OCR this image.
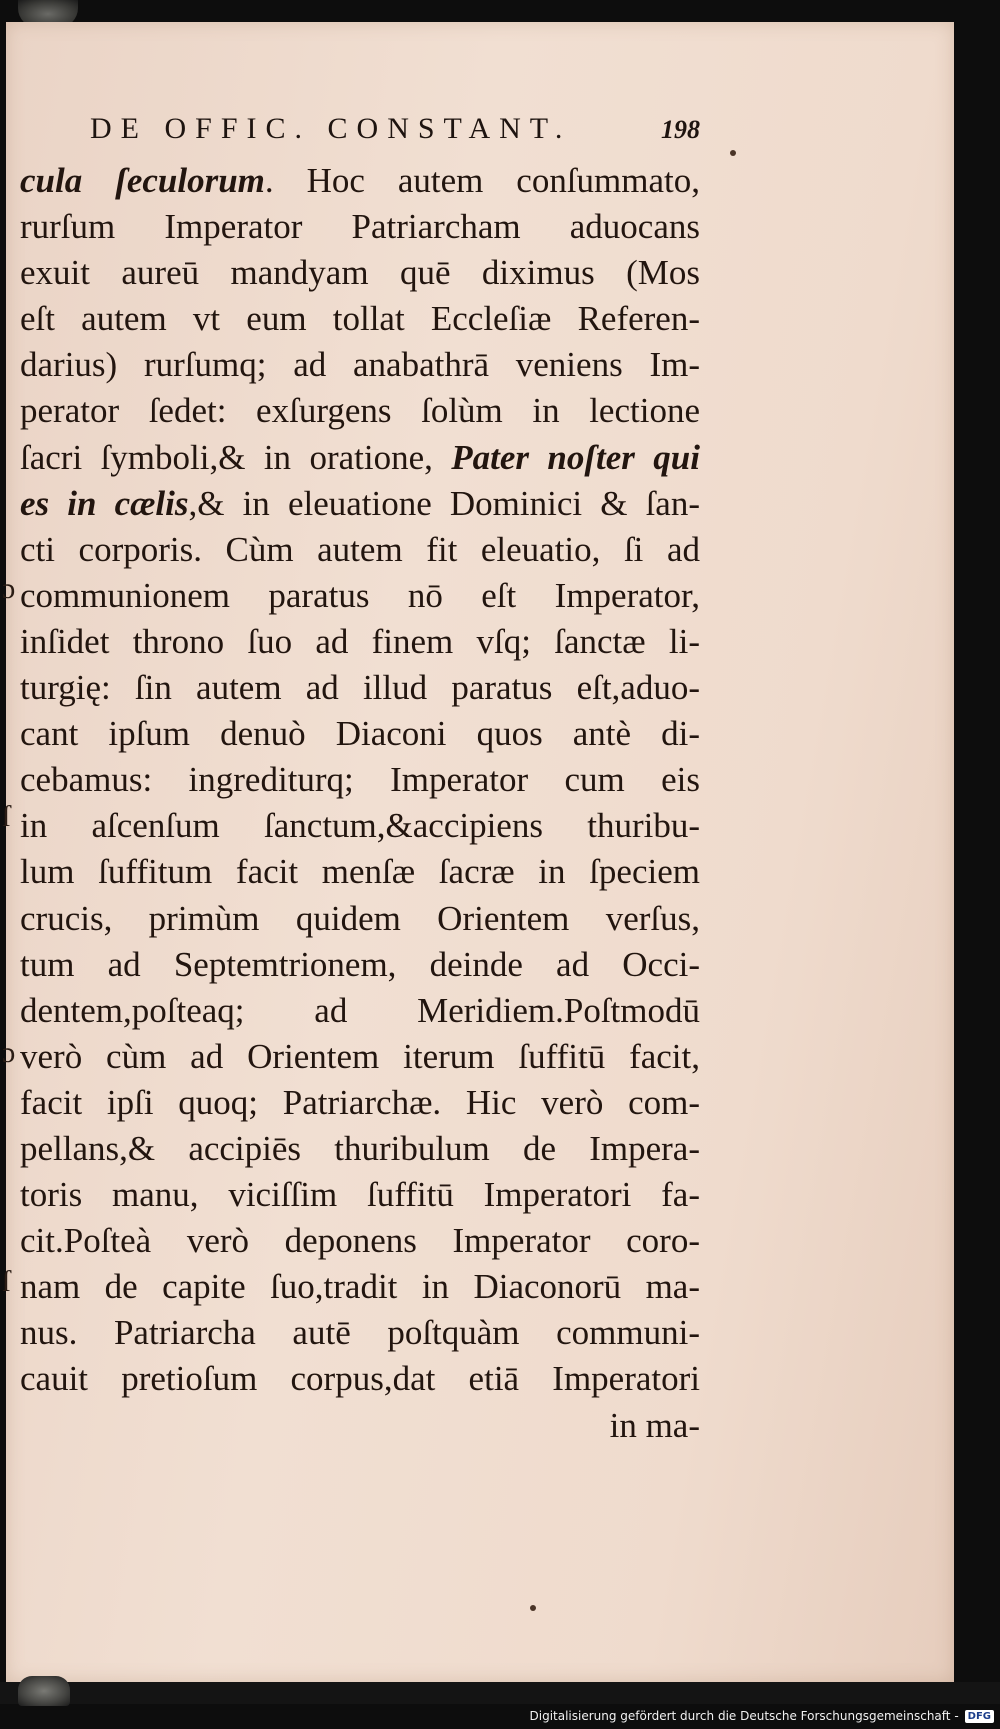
DE OFFIC. CONSTANT.	198
cula ſeculorum. Hoc autem conſummato,
rurſum Imperator Patriarcham aduocans
exuit aureū mandyam quē diximus (Mos
eſt autem vt eum tollat Eccleſiæ Referen-
darius) rurſumq; ad anabathrā veniens Im-
perator ſedet: exſurgens ſolùm in lectione
ſacri ſymboli,& in oratione, Pater noſter qui
es in cælis,& in eleuatione Dominici & ſan-
cti corporis. Cùm autem fit eleuatio, ſi ad
communionem paratus nō eſt Imperator,
inſidet throno ſuo ad finem vſq; ſanctæ li-
turgię: ſin autem ad illud paratus eſt,aduo-
cant ipſum denuò Diaconi quos antè di-
cebamus: ingrediturq; Imperator cum eis
in aſcenſum ſanctum,&accipiens thuribu-
lum ſuffitum facit menſæ ſacræ in ſpeciem
crucis, primùm quidem Orientem verſus,
tum ad Septemtrionem, deinde ad Occi-
dentem,poſteaq; ad Meridiem.Poſtmodū
verò cùm ad Orientem iterum ſuffitū facit,
facit ipſi quoq; Patriarchæ. Hic verò com-
pellans,& accipiēs thuribulum de Impera-
toris manu, viciſſim ſuffitū Imperatori fa-
cit.Poſteà verò deponens Imperator coro-
nam de capite ſuo,tradit in Diaconorū ma-
nus. Patriarcha autē poſtquàm communi-
cauit pretioſum corpus,dat etiā Imperatori
in ma-
ɔ
ſ
ɔ
ſ
Digitalisierung gefördert durch die Deutsche Forschungsgemeinschaft - DFG
